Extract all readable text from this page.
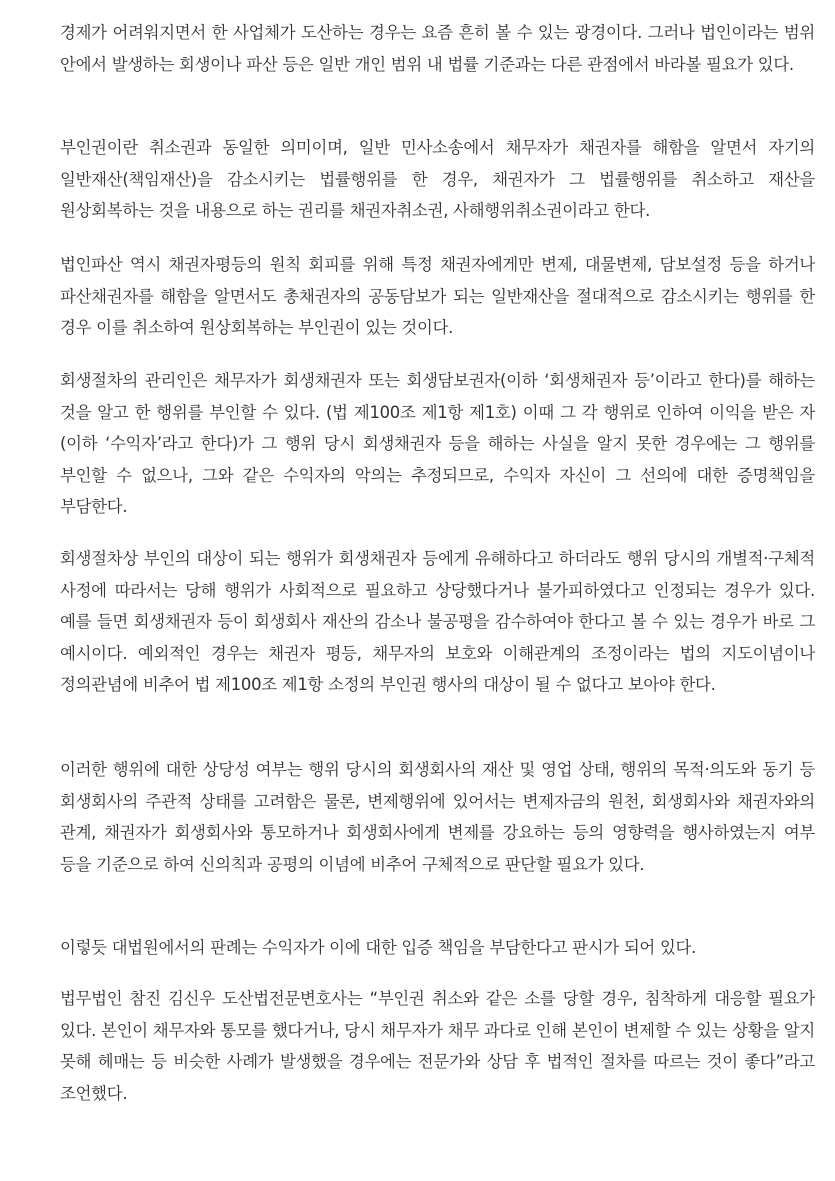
경제가 어려워지면서 한 사업체가 도산하는 경우는 요즘 흔히 볼 수 있는 광경이다. 그러나 법인이라는 범위 안에서 발생하는 회생이나 파산 등은 일반 개인 범위 내 법률 기준과는 다른 관점에서 바라볼 필요가 있다.

부인권이란 취소권과 동일한 의미이며, 일반 민사소송에서 채무자가 채권자를 해함을 알면서 자기의 일반재산(책임재산)을 감소시키는 법률행위를 한 경우, 채권자가 그 법률행위를 취소하고 재산을 원상회복하는 것을 내용으로 하는 권리를 채권자취소권, 사해행위취소권이라고 한다.

법인파산 역시 채권자평등의 원칙 회피를 위해 특정 채권자에게만 변제, 대물변제, 담보설정 등을 하거나 파산채권자를 해함을 알면서도 총채권자의 공동담보가 되는 일반재산을 절대적으로 감소시키는 행위를 한 경우 이를 취소하여 원상회복하는 부인권이 있는 것이다.

회생절차의 관리인은 채무자가 회생채권자 또는 회생담보권자(이하 ‘회생채권자 등’이라고 한다)를 해하는 것을 알고 한 행위를 부인할 수 있다. (법 제100조 제1항 제1호) 이때 그 각 행위로 인하여 이익을 받은 자(이하 ‘수익자’라고 한다)가 그 행위 당시 회생채권자 등을 해하는 사실을 알지 못한 경우에는 그 행위를 부인할 수 없으나, 그와 같은 수익자의 악의는 추정되므로, 수익자 자신이 그 선의에 대한 증명책임을 부담한다.

회생절차상 부인의 대상이 되는 행위가 회생채권자 등에게 유해하다고 하더라도 행위 당시의 개별적·구체적 사정에 따라서는 당해 행위가 사회적으로 필요하고 상당했다거나 불가피하였다고 인정되는 경우가 있다. 예를 들면 회생채권자 등이 회생회사 재산의 감소나 불공평을 감수하여야 한다고 볼 수 있는 경우가 바로 그 예시이다. 예외적인 경우는 채권자 평등, 채무자의 보호와 이해관계의 조정이라는 법의 지도이념이나 정의관념에 비추어 법 제100조 제1항 소정의 부인권 행사의 대상이 될 수 없다고 보아야 한다.

이러한 행위에 대한 상당성 여부는 행위 당시의 회생회사의 재산 및 영업 상태, 행위의 목적·의도와 동기 등 회생회사의 주관적 상태를 고려함은 물론, 변제행위에 있어서는 변제자금의 원천, 회생회사와 채권자와의 관계, 채권자가 회생회사와 통모하거나 회생회사에게 변제를 강요하는 등의 영향력을 행사하였는지 여부 등을 기준으로 하여 신의칙과 공평의 이념에 비추어 구체적으로 판단할 필요가 있다.

이렇듯 대법원에서의 판례는 수익자가 이에 대한 입증 책임을 부담한다고 판시가 되어 있다.

법무법인 참진 김신우 도산법전문변호사는 “부인권 취소와 같은 소를 당할 경우, 침착하게 대응할 필요가 있다. 본인이 채무자와 통모를 했다거나, 당시 채무자가 채무 과다로 인해 본인이 변제할 수 있는 상황을 알지 못해 헤매는 등 비슷한 사례가 발생했을 경우에는 전문가와 상담 후 법적인 절차를 따르는 것이 좋다”라고 조언했다.
